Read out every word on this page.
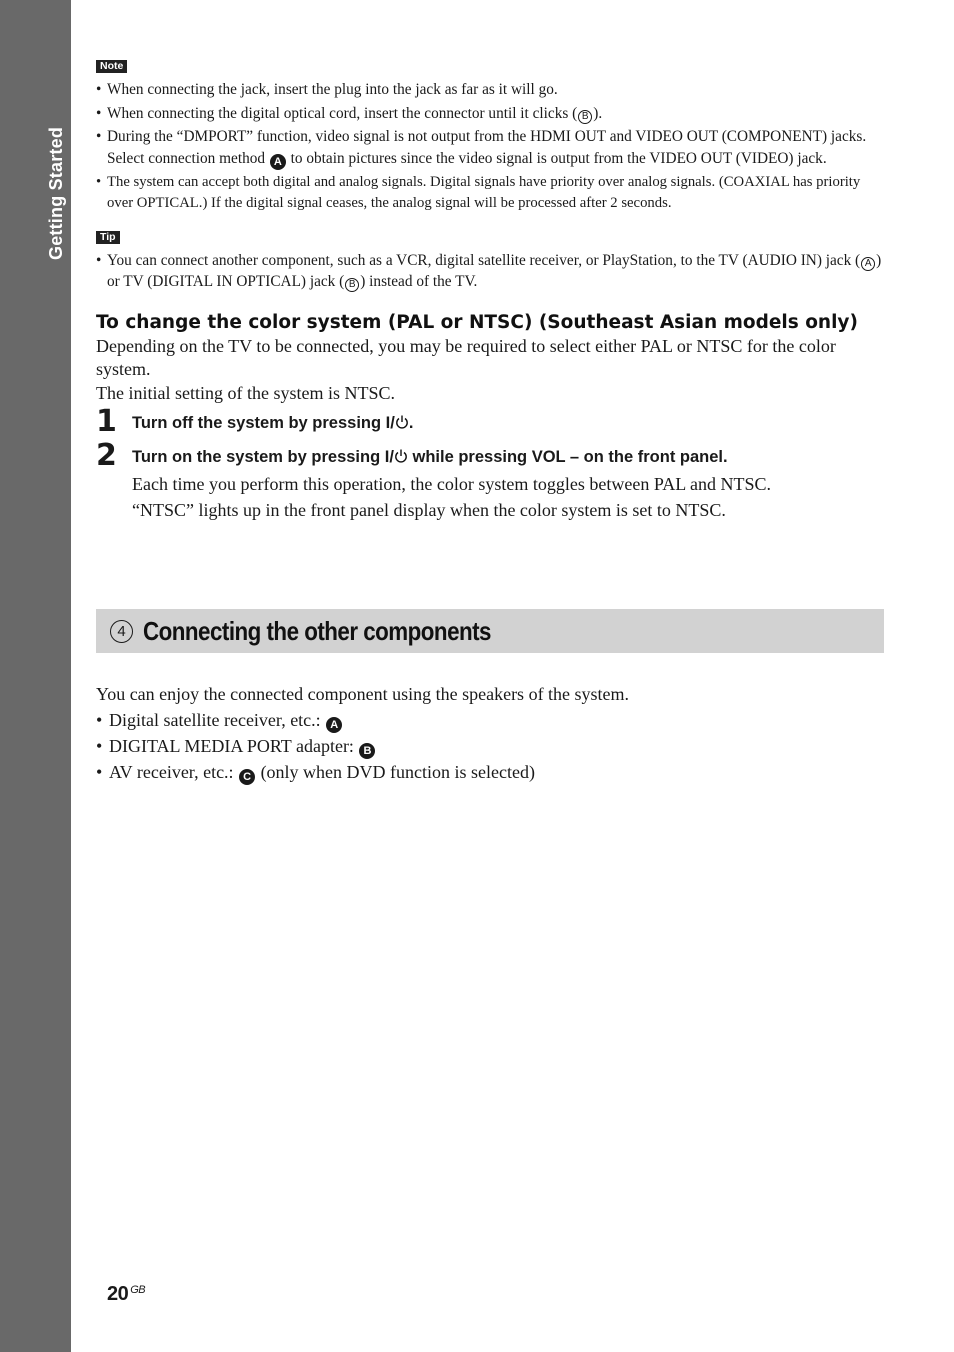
Getting Started
Note
• When connecting the jack, insert the plug into the jack as far as it will go.
• When connecting the digital optical cord, insert the connector until it clicks ( B ).
• During the “DMPORT” function, video signal is not output from the HDMI OUT and VIDEO OUT (COMPONENT) jacks. Select connection method A to obtain pictures since the video signal is output from the VIDEO OUT (VIDEO) jack.
• The system can accept both digital and analog signals. Digital signals have priority over analog signals. (COAXIAL has priority over OPTICAL.) If the digital signal ceases, the analog signal will be processed after 2 seconds.
Tip
• You can connect another component, such as a VCR, digital satellite receiver, or PlayStation, to the TV (AUDIO IN) jack ( A ) or TV (DIGITAL IN OPTICAL) jack ( B ) instead of the TV.
To change the color system (PAL or NTSC) (Southeast Asian models only)

Depending on the TV to be connected, you may be required to select either PAL or NTSC for the color system.

The initial setting of the system is NTSC.

1 Turn off the system by pressing I/ .
2 Turn on the system by pressing I/ while pressing VOL – on the front panel.
Each time you perform this operation, the color system toggles between PAL and NTSC.
“NTSC” lights up in the front panel display when the color system is set to NTSC.
4 Connecting the other components
You can enjoy the connected component using the speakers of the system.
• Digital satellite receiver, etc.: A
• DIGITAL MEDIA PORT adapter: B
• AV receiver, etc.: C (only when DVD function is selected)
20 $^{GB}$
